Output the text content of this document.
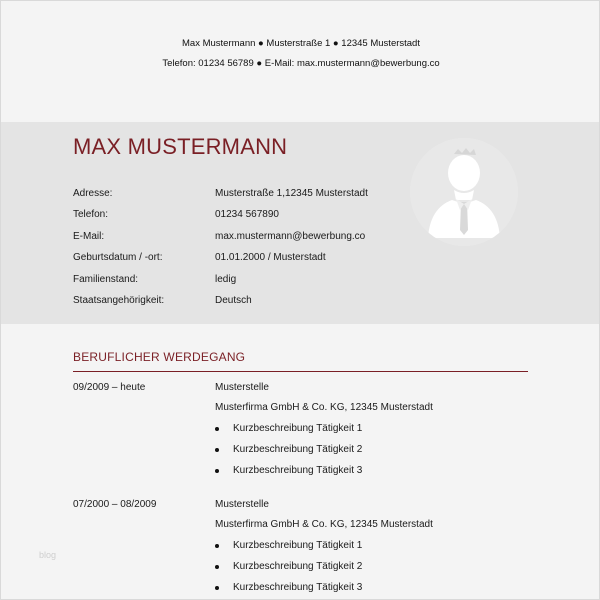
Max Mustermann ● Musterstraße 1 ● 12345 Musterstadt
Telefon: 01234 56789 ● E-Mail: max.mustermann@bewerbung.co
MAX MUSTERMANN
Adresse:	Musterstraße 1,12345 Musterstadt
Telefon:	01234 567890
E-Mail:	max.mustermann@bewerbung.co
Geburtsdatum / -ort:	01.01.2000 / Musterstadt
Familienstand:	ledig
Staatsangehörigkeit:	Deutsch
BERUFLICHER WERDEGANG
09/2009 – heute	Musterstelle
Musterfirma GmbH & Co. KG, 12345 Musterstadt
Kurzbeschreibung Tätigkeit 1
Kurzbeschreibung Tätigkeit 2
Kurzbeschreibung Tätigkeit 3
07/2000 – 08/2009	Musterstelle
Musterfirma GmbH & Co. KG, 12345 Musterstadt
Kurzbeschreibung Tätigkeit 1
Kurzbeschreibung Tätigkeit 2
Kurzbeschreibung Tätigkeit 3
blog
